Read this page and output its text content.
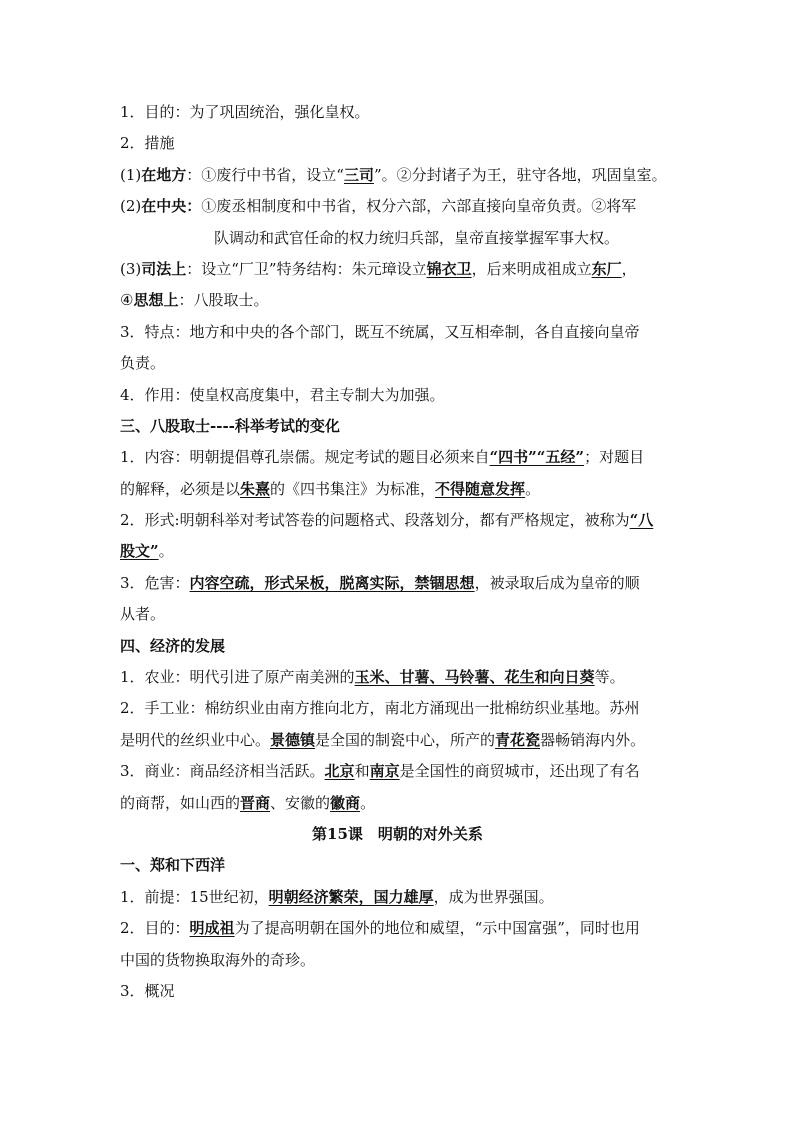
1．目的：为了巩固统治，强化皇权。
2．措施
(1)在地方：①废行中书省，设立“三司”。②分封诸子为王，驻守各地，巩固皇室。
(2)在中央：①废丞相制度和中书省，权分六部，六部直接向皇帝负责。②将军
队调动和武官任命的权力统归兵部，皇帝直接掌握军事大权。
(3)司法上：设立“厂卫”特务结构：朱元璋设立锦衣卫，后来明成祖成立东厂，
④思想上：八股取士。
3．特点：地方和中央的各个部门，既互不统属，又互相牵制，各自直接向皇帝
负责。
4．作用：使皇权高度集中，君主专制大为加强。
三、八股取士----科举考试的变化
1．内容：明朝提倡尊孔崇儒。规定考试的题目必须来自“四书”“五经”；对题目
的解释，必须是以朱熹的《四书集注》为标准，不得随意发挥。
2．形式:明朝科举对考试答卷的问题格式、段落划分，都有严格规定，被称为“八
股文”。
3．危害：内容空疏，形式呆板，脱离实际，禁锢思想，被录取后成为皇帝的顺
从者。
四、经济的发展
1．农业：明代引进了原产南美洲的玉米、甘薯、马铃薯、花生和向日葵等。
2．手工业：棉纺织业由南方推向北方，南北方涌现出一批棉纺织业基地。苏州
是明代的丝织业中心。景德镇是全国的制瓷中心，所产的青花瓷器畅销海内外。
3．商业：商品经济相当活跃。北京和南京是全国性的商贸城市，还出现了有名
的商帮，如山西的晋商、安徽的徽商。
第15课　明朝的对外关系
一、郑和下西洋
1．前提：15世纪初，明朝经济繁荣，国力雄厚，成为世界强国。
2．目的：明成祖为了提高明朝在国外的地位和威望，“示中国富强”，同时也用
中国的货物换取海外的奇珍。
3．概况
